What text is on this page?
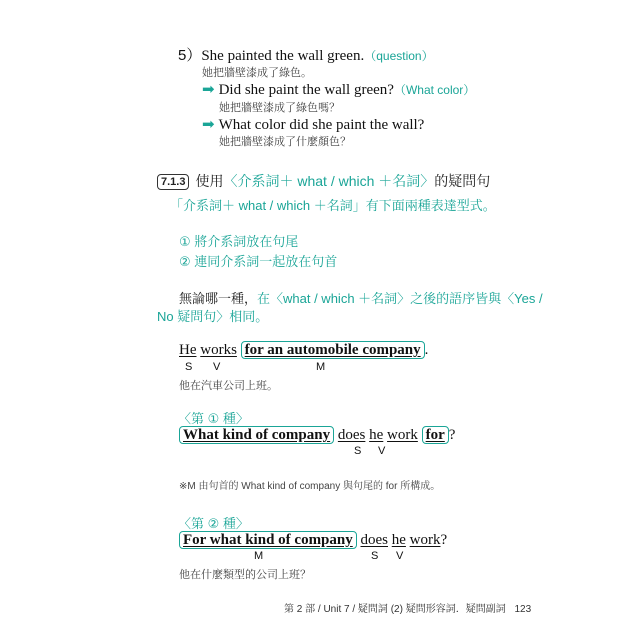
5）She painted the wall green.（question）
她把牆壁漆成了綠色。
➡ Did she paint the wall green?（What color）
她把牆壁漆成了綠色嗎？
➡ What color did she paint the wall?
她把牆壁漆成了什麼顏色？
7.1.3 使用〈介系詞＋ what / which ＋名詞〉的疑問句
「介系詞＋ what / which ＋名詞」有下面兩種表達型式。
① 將介系詞放在句尾
② 連同介系詞一起放在句首
無論哪一種，在〈what / which ＋名詞〉之後的語序皆與〈Yes /
No 疑問句〉相同。
He works for an automobile company .
S V	M
他在汽車公司上班。
〈第 ① 種〉
What kind of company does he work for ?
S V
※M 由句首的 What kind of company 與句尾的 for 所構成。
〈第 ② 種〉
For what kind of company does he work?
M	S V
他在什麼類型的公司上班？
第 2 部 / Unit 7 / 疑問詞 (2) 疑問形容詞．疑問副詞 123
